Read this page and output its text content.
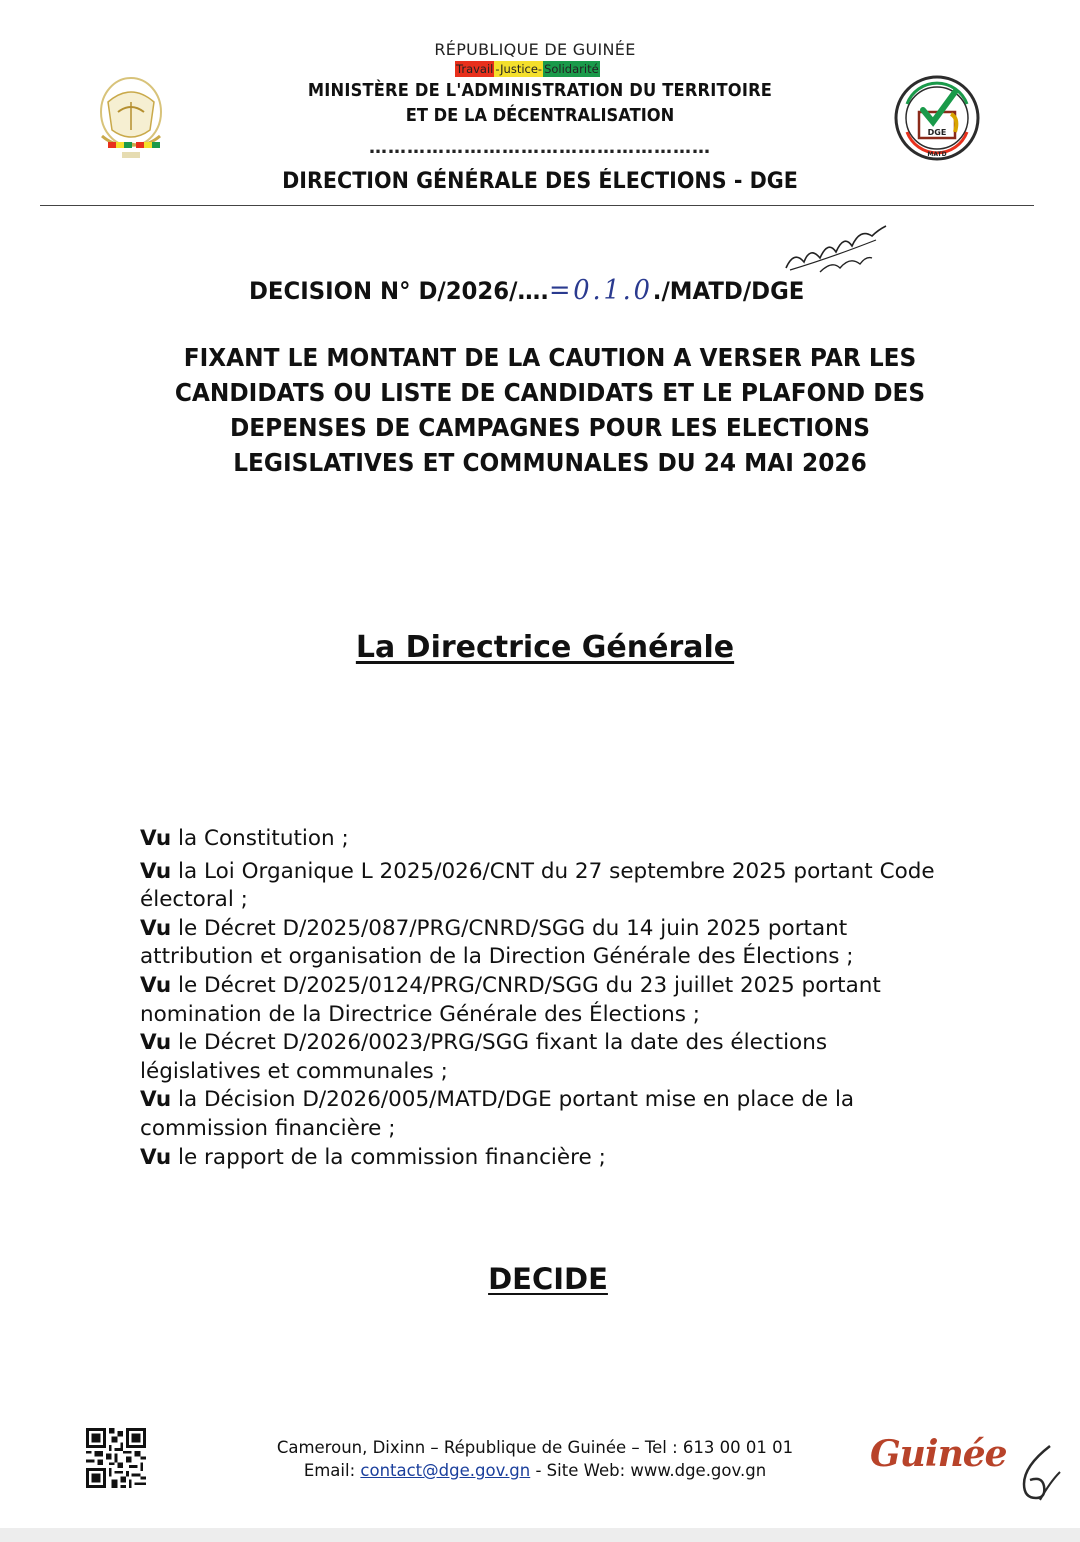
RÉPUBLIQUE DE GUINÉE
Travail -Justice- Solidarité
MINISTÈRE DE L'ADMINISTRATION DU TERRITOIRE
ET DE LA DÉCENTRALISATION
………………………………………………
DIRECTION GÉNÉRALE DES ÉLECTIONS - DGE
DGE
MATD
DECISION N° D/2026/….=0.1.0./MATD/DGE
FIXANT LE MONTANT DE LA CAUTION A VERSER PAR LES
CANDIDATS OU LISTE DE CANDIDATS ET LE PLAFOND DES
DEPENSES DE CAMPAGNES POUR LES ELECTIONS
LEGISLATIVES ET COMMUNALES DU 24 MAI 2026
La Directrice Générale

Vu la Constitution ;

Vu la Loi Organique L 2025/026/CNT du 27 septembre 2025 portant Code électoral ;

Vu le Décret D/2025/087/PRG/CNRD/SGG du 14 juin 2025 portant attribution et organisation de la Direction Générale des Élections ;

Vu le Décret D/2025/0124/PRG/CNRD/SGG du 23 juillet 2025 portant nomination de la Directrice Générale des Élections ;

Vu le Décret D/2026/0023/PRG/SGG fixant la date des élections législatives et communales ;

Vu la Décision D/2026/005/MATD/DGE portant mise en place de la commission financière ;

Vu le rapport de la commission financière ;

DECIDE
Cameroun, Dixinn – République de Guinée – Tel : 613 00 01 01
Email: contact@dge.gov.gn - Site Web: www.dge.gov.gn	Guinée
